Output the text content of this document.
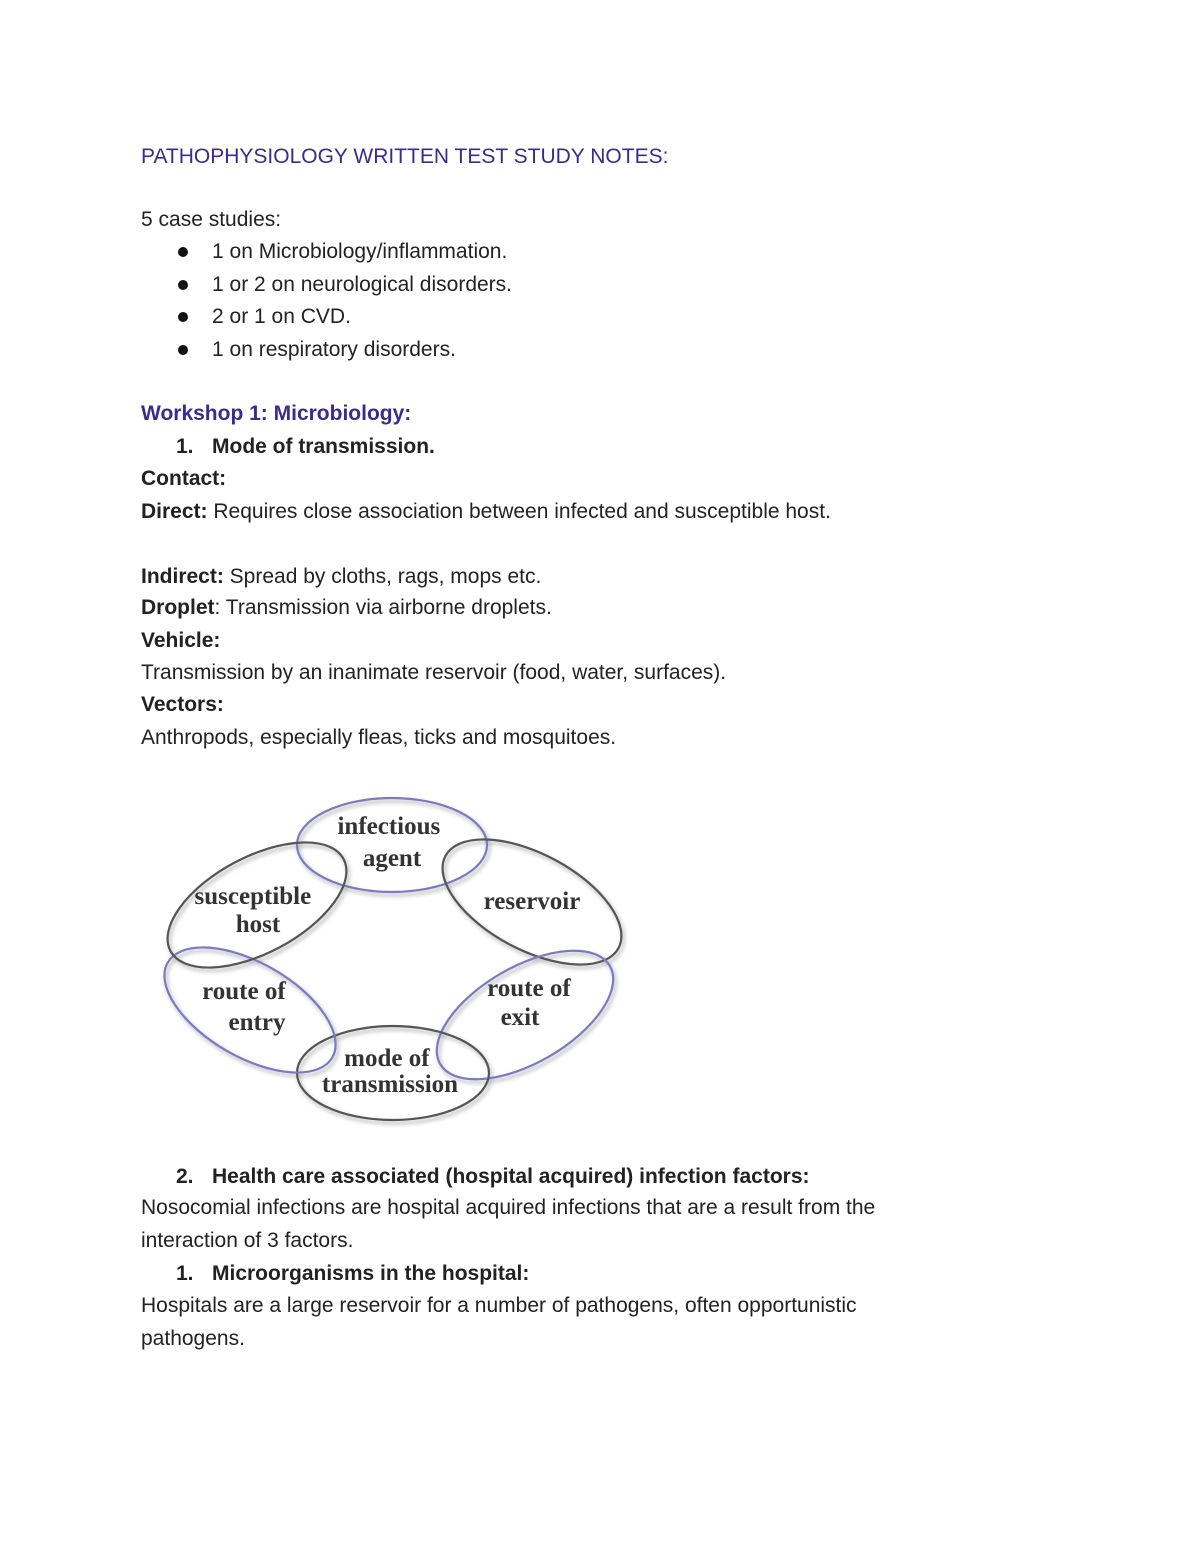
PATHOPHYSIOLOGY WRITTEN TEST STUDY NOTES:
5 case studies:
1 on Microbiology/inflammation.
1 or 2 on neurological disorders.
2 or 1 on CVD.
1 on respiratory disorders.
Workshop 1: Microbiology:
1. Mode of transmission.
Contact:
Direct: Requires close association between infected and susceptible host.
Indirect: Spread by cloths, rags, mops etc.
Droplet: Transmission via airborne droplets.
Vehicle:
Transmission by an inanimate reservoir (food, water, surfaces).
Vectors:
Anthropods, especially fleas, ticks and mosquitoes.
infectious agent
reservoir
route of exit
mode of transmission
route of entry
susceptible host
2. Health care associated (hospital acquired) infection factors:
Nosocomial infections are hospital acquired infections that are a result from the
interaction of 3 factors.
1. Microorganisms in the hospital:
Hospitals are a large reservoir for a number of pathogens, often opportunistic
pathogens.
